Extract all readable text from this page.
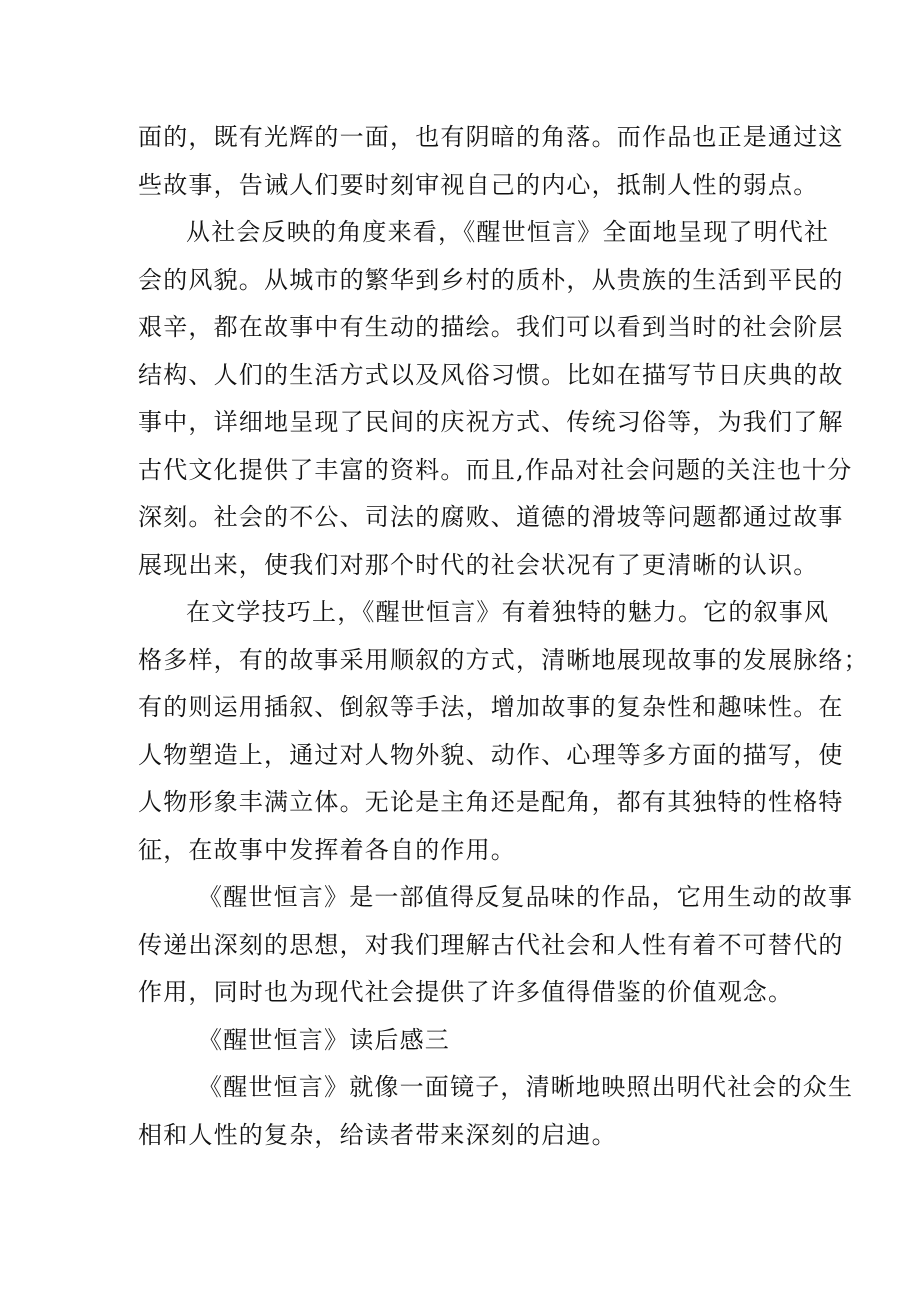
面的，既有光辉的一面，也有阴暗的角落。而作品也正是通过这
些故事，告诫人们要时刻审视自己的内心，抵制人性的弱点。
从社会反映的角度来看，《醒世恒言》全面地呈现了明代社
会的风貌。从城市的繁华到乡村的质朴，从贵族的生活到平民的
艰辛，都在故事中有生动的描绘。我们可以看到当时的社会阶层
结构、人们的生活方式以及风俗习惯。比如在描写节日庆典的故
事中，详细地呈现了民间的庆祝方式、传统习俗等，为我们了解
古代文化提供了丰富的资料。而且,作品对社会问题的关注也十分
深刻。社会的不公、司法的腐败、道德的滑坡等问题都通过故事
展现出来，使我们对那个时代的社会状况有了更清晰的认识。
在文学技巧上，《醒世恒言》有着独特的魅力。它的叙事风
格多样，有的故事采用顺叙的方式，清晰地展现故事的发展脉络；
有的则运用插叙、倒叙等手法，增加故事的复杂性和趣味性。在
人物塑造上，通过对人物外貌、动作、心理等多方面的描写，使
人物形象丰满立体。无论是主角还是配角，都有其独特的性格特
征，在故事中发挥着各自的作用。
《醒世恒言》是一部值得反复品味的作品，它用生动的故事
传递出深刻的思想，对我们理解古代社会和人性有着不可替代的
作用，同时也为现代社会提供了许多值得借鉴的价值观念。
《醒世恒言》读后感三
《醒世恒言》就像一面镜子，清晰地映照出明代社会的众生
相和人性的复杂，给读者带来深刻的启迪。
